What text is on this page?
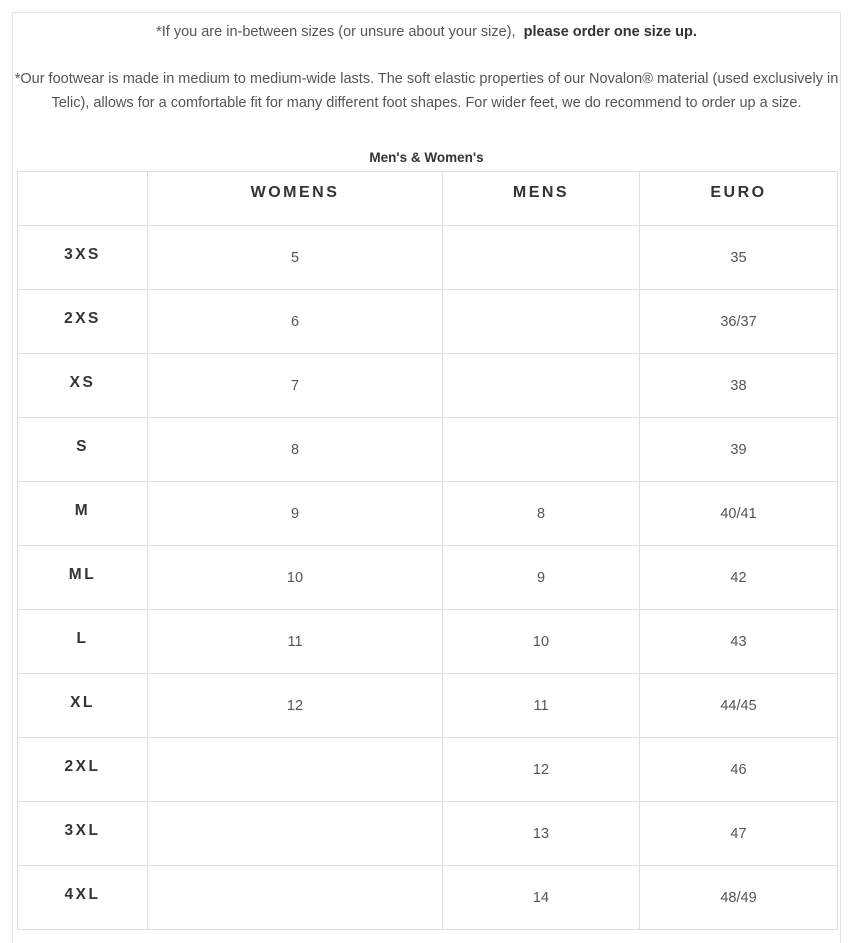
*If you are in-between sizes (or unsure about your size), please order one size up.
*Our footwear is made in medium to medium-wide lasts. The soft elastic properties of our Novalon® material (used exclusively in Telic), allows for a comfortable fit for many different foot shapes. For wider feet, we do recommend to order up a size.
Men's & Women's
	WOMENS	MENS	EURO
3XS	5		35
2XS	6		36/37
XS	7		38
S	8		39
M	9	8	40/41
ML	10	9	42
L	11	10	43
XL	12	11	44/45
2XL		12	46
3XL		13	47
4XL		14	48/49
